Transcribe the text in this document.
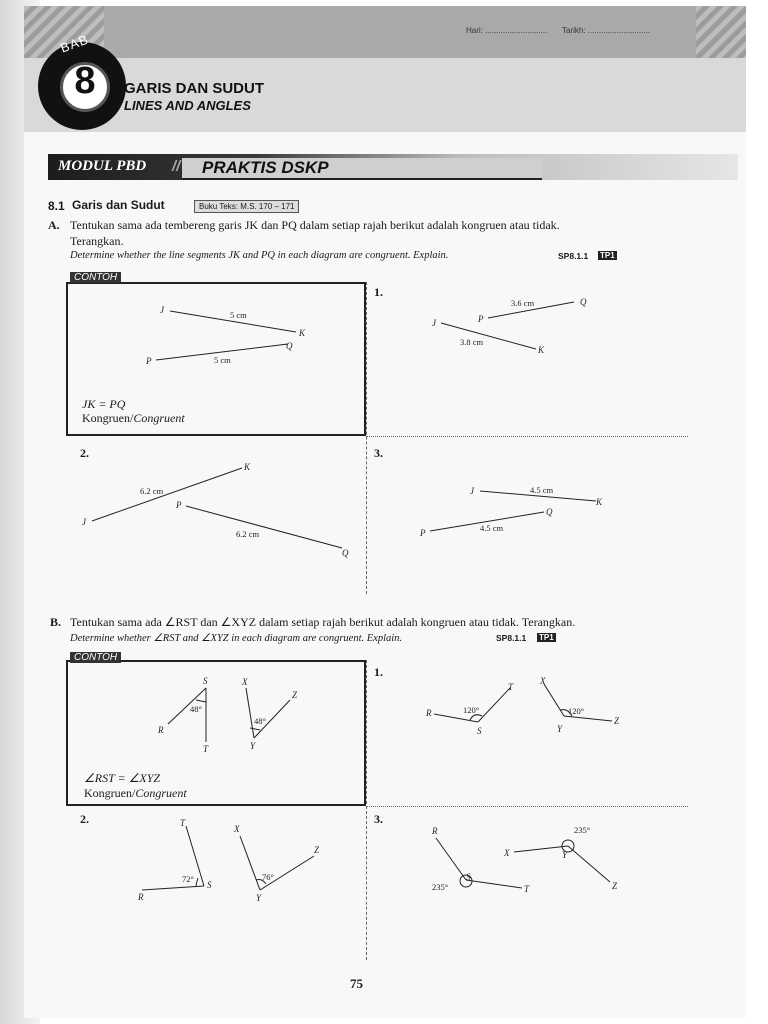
Hari: ............................ Tarikh: ............................
8
BAB
GARIS DAN SUDUT
LINES AND ANGLES
MODUL PBD // PRAKTIS DSKP
8.1 Garis dan Sudut	Buku Teks: M.S. 170 – 171
A. Tentukan sama ada tembereng garis JK dan PQ dalam setiap rajah berikut adalah kongruen atau tidak.
Terangkan.
Determine whether the line segments JK and PQ in each diagram are congruent. Explain.	SP8.1.1 TP1
CONTOH
1.
2.	3.
JK = PQ
Kongruen/Congruent
J
K
P
Q
P
Q
J
K
J
K
P
Q
J
K
P
Q
5 cm
5 cm
3.6 cm
3.8 cm
6.2 cm
6.2 cm
4.5 cm
4.5 cm
B. Tentukan sama ada ∠RST dan ∠XYZ dalam setiap rajah berikut adalah kongruen atau tidak. Terangkan.
Determine whether ∠RST and ∠XYZ in each diagram are congruent. Explain.	SP8.1.1 TP1
CONTOH
1.
2.	3.
∠RST = ∠XYZ
Kongruen/Congruent
S
R
T
X
Y
Z
R
S
T
X
Y
Z
T
R
S
X
Y
Z
R
S
T
X	Y
Z
48°
48°
120°	120°
72°	76°
235°
235°
75
